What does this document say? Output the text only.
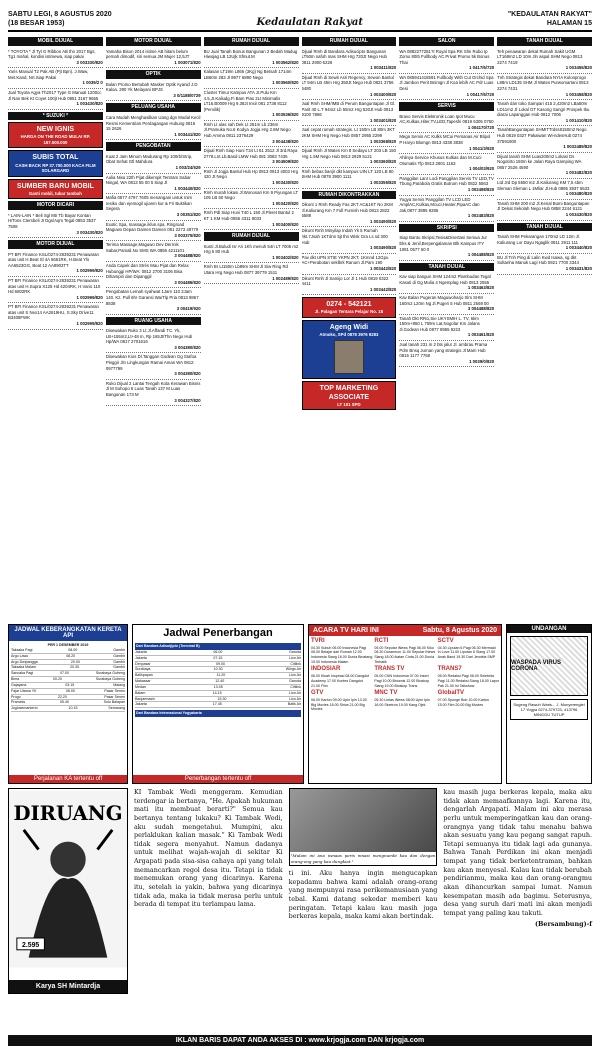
SABTU LEGI, 8 AGUSTUS 2020
(18 BESAR 1953)	Kedaulatan Rakyat
"KEDAULATAN RAKYAT"
HALAMAN 15
MOBIL DIJUAL
* TOYOTA * Jl Tyt G Ribbon AB thn 2017 Bgs, Tg1 mahal, kondisi istimewa, siap pakai
3 003330/820
Yaris Manual T2 Pak AB (Pjt Bpn). J.Waw, Met.Kand, Nrt.Siap Pakai
1 0039/2 0
Jual Toyota Agya Th2017 Type G Manual 1200cc Jl Nan Bek Kt Coyet 100jt Hub 0851 3167 9655
1 003430/820
* SUZUKI *
NEW IGNIS
HARGA ON THE ROAD MULAI RP. 167.500.000
SUBIS TOTAL
CASH BACK RP 37.700.000 KACA FILM SOLARGARD
SUMBER BARU MOBIL
Ganti mobil, tukar tambah
MOTOR DICARI
* LAIN-LAIN * Beli Sgl Mtr Tb Bayar Kontan H/Tons Ctersbeli JI Dgs/Aqm Tegal 0853 3537 7508
3 003430/820
MOTOR DIJUAL
PT BFI Finance KSL/0274-2839231 Penawaran atas unit H.Beat Sl 4A 5661RK, H.Beat Yls AA6523GG, Beat 12 AA8903TT
1 002999/820
PT BFI Finance KSL/0274-2839231 Penawaran atas unit H.Supra X125 Hd 4204RK, H.Vario 110 Hd 6802RK
1 002999/820
PT BFI Finance KSL/0274-2839231 Penawaran atas unit S Nex14 AA2619HU, S.Sky Drive11 B3408FWK
1 002999/820
MOTOR DIJUAL
Yamaha Bison 2014 istime AB hitam belum pernah dimodif, siri semua JM Mujer 12,5JT
1 003071/820
OPTIK
Bulan Promo Bertubah Masker Optik Ayanid J.D Kaloa. 290 Yk Melayani BPJS
3 0/1188/0729
PELUANG USAHA
Cara Mudah Menghasilkan Uang dgn Modal Kecil Resmi Kementrian Perdagangan Hubung 0816 15 2626
1 003441/820
PENGOBATAN
Kuat 2 Jam Minum Madurang Rp 100rb/Strip, Obat Sehat Gtl Mahdura
1 003/24/529
Aulia Nisa 22th Pijat dikempit Tentram Sabar Ningal, WA 0813 55 00 5 Siap Jl
1 003440/820
Mafia 0877 4797 7605 menangani untuk mim resiko dan ejemogil ujianm kur & Fri Buktikan Segera
3 00351/820
Exotic Spa, massage.iklun.spa. Ringroad Maguwo Depan Damen Damen 081 2273 48779
3 003375/820
Terima Massage,Maguwo Dev Derrnik Sabar,Pamali.No SMS WA 0856 4211101
3 004488/820
Anda Capek dan Strès Mau Pijat dan Relax Hubunggi HP/WA: 0812 2700 3106 Bisa Dihampiri dan Dipanggil
3 004486/820
Pengobatan Lemah syahwat 1Jam 110 2Jam 140. Kz. Pull 6hr Garansi Wa/Tlp Pria 0813 9867 8838
3 00419/920
RUANG USAHA
Disewakan Ruko 3 Lt Jl.Affandi TC. Yk, LB+155m2,Lt+48 m, Rp 165Jt/Thn Nego Hub Hp/WA 0817 2701616
3 004380/820
Disewakan Kios Dl.Tanggan Godean Gg Stafoa Pinggir Jln Lingkungan Ramai Aman WA 0812 0977799
3 004380/820
Ruko Dijual 2 Lantai Tengah Kota Kerawan Bisnis Jl M Suhopo 5 Luas Tanah 137 M Luas Bangunan 173 M
3 004327/820
RUMAH DIJUAL
BU Jual Tanah Bonus Bangunan 2 Bedah Madug Hiwojag LB 12Ujk Sfmut.M
1 003562/820
Kalasan LT19m L866 (3Kg) Ng Betsah 1714m LB60m 283 Jl 9977 6890 Nego
1 003560/820
Cluster Timur Kampus ATA JI.Pulu Km 4.5,JI.Kaliudg.Fi Bam Pias 2Lt Minimalis LT16.B0009 Hrg 9.38Jt Insir 081 2738 8112 (Pemilik)
1 003536/820
Rmh Lt ulas sah Dek Lt 251m Lb 236m Jl.Pramuka No.6 Kodya Jogja Hrg 2.6M Nego Hub Amma 0811 2376429
3 004438/820
Dijual Rmh Siap Huni T34 Lt 61 2512 Jl 3rd.Raya 2778.Lnt.Lb.Basd LMW Hub 081 3083 7435
3 004509/820
Rmh Jl Jogja Bantul Hub Hp 0813 0913 4003 Hrg 420 Jt Nego
1 003430/820
Rmh murah lokasi Jl.Wonosari Km 9 Piyungan LT 105 LB 60 Nego
1 003420/820
Rmh Pdl Siap Huni T40 L 150 Jl.Pleret Bantul 2 KT 1 KM Hub 0856 4311 9033
1 003400/820
RUMAH DIJUAL
Sunti Jl.Buludi Isr Ari 1Kh menuh 54n LT 7005 m2 Hrg 6 80 Hub
1 003402/820
Rmh Br Lt150m Lb89m SHM Jl Siw Ring Rd Utara Hrg Nego Hub 0877 39779 1511
1 002489/820
RUMAH DIJUAL
Dijual Rmh di Bandara Adisucipto Bangunan LT50m nafoh mas SHM Hrg 720Jt Nego Hub 0811 2900 6226
1 003411/820
Dijual Rmh di Sewit Asri Regency, Sewon Bantul LT 94m LB 45m Hrg 350Jt Nego Hub 0821 3756 6480
1 003400/820
Jual Rmh SHM/IMB di Perum Banguntapan Jl Gl. Parit 40 L.T 94m2 Lb 55m2 Hrg 520Jt Hub 0813 9100 7886
1 003401/820
Jual cepat rumah strategis. Lt 150m LB 80m 3KT 2KM SHM Hrg Nego Hub 0857 2955 2299
1 003368/820
Dijual Rmh Jl Wates Km 8 Sedayu LT 203 LB 150 Hrg 1.5M Nego Hub 0813 2929 5121
1 003360/820
Rmh bebas banjir dkt kampus UIN LT 120 LB 90 SHM Hub 0878 3900 1111
1 003355/820
RUMAH DIKONTRAKKAN
Dikont 1 Rmh Ready Fas 2KT AC&1KT No 2KM Jl.Kaliurang Km 7 Full Furnish Hub 0813 2822 5588
1 003490/820
Dikont Rmh Minyilap Indah Yk 5 Rumah hkt.7Jsah 1KTdnn 5jt thn Wisk Gra Ls sd 300 Hub
1 003490/820
Pav dkt UPN STIE YKPN 2KT, 1Kmnd 12Gpu AC+Perabotan seklbrk Ranum Jl.Pam 190
1 003442/820
Dikont Rmh Jl Samijo Lor Jl 1 Hub 0819 0322 4411
1 003442/820
0274 - 542121
Jl. Palagan Tentara Pelajar No. 18
Ageng Widi
Atmoko, SPd 0878 3976 9283
TOP MARKETING ASSOCIATE
LT 101 SPD
SALON
WA 0882277281?I Royal Spa RK Slm Rubo Ip Zomo 80Ib Fullbody AC Privat Promo 5k Bonus Thai
1 0417/6/720
WA 085941418591 Fullbody With Cut Orchid Spa Jl Jambon Perit Bnimgn Jl Koa lebih AC Pdr Luas Desi
1 00417/6/720
SERVIS
Bravo Servis Elektronik Loan Ipot Mucu AC,Kulkas,Hiter,TV,LED,Tapeshi 0819 6305 0750
1 004170/720
Mega Servis AC Kulks MCui Pemanas Air Blipol P Haryo Blomgn 0813 4338 3838
1 0041/3/920
Ahlinya Service Khusus Kulkas dan M.Cuci Otomatis Tlp 0813 2801 1163
1 004/03/920
Panggilan Lanr Lodi Panggilan Servis TV LED,TV Tbung,Parabola Gratis Butrum Hub 0822 5563
1 002498/820
Yogya Servis Panggilan TV LCD LED AmplAC,Kulkas,Mcuci,Heater,PipaAC dan Jak,0877 3895 9285
1 002483/820
SKRIPSI
Siap Bantu Skripsi,Tesis&Disertasi Semua Jur Eks & Jenil,Berpengalaman Blk Kampus ITY 1081 0577 60 0
1 004488/820
TANAH DIJUAL
Kav siap bangun SHM 124m2 Plambudan Tegal Kasuti di Gg Mulia 4 Ngemplag Hub 0813 2555
1 003463/820
Kav Balan Pugeran Maguwoharjo Slm SHM 160m2 L20m Ng Jl.Pugeri 5 Hub 0811 2569 00
3 004488/820
Tanah Dkt RRci,Sie UKYSMIH L. TV, 6km 150m+850 L 759m Lat.Nogolar Km Jalans Jl.Godean Hub 0877 8955 9223
1 003461/820
Jual tanah 231 m 2 bts jalur Jl. ambrau Prama Pdm Bnsq Jurnan yang strategis Jl Mam Hub 0815 1177 7768
1 0039/0/820
TANAH DIJUAL
Teh penawaran dekat Rumah Sakit UGM LT168m2 LD 10m Jln aspal SHM Nego 0813 2274 7419
1 003455/820
Tnh Strategis dekat Bandara NYIA Kulonprogo L88m LD135 SHM Jl Wates Purwomartani 0813 2274 7431
1 003458/820
Tanah dan toko Sampari 415 2,420m2 LBa50m LD11m2 Jl Lokal GT Kasong Sangri Prospek Ibu diarai Lapanggan Hub 0812 7006
1 001410/820
TanahBanguntapan SHMITTrdss8150m2 Nego Hub 0819 0327 Pakaiwan Wi-ndesHub 0274 37591800
1 0032489/820
Dijual tanah SHM Luas200m2 Lokasi Ds Nogotirto 150m ke Jalan Raya Gamping WA 0857 2526 4590
1 003482/820
Ltd Jrd Dp 5550 m2 Jl.Kaliurang KM 7,5 sbm Sleman Sleman L 1Mliar Jl.Hub 0895 3937 6533
1 003480/820
Tanah SHM 200 m2 Jl.Kenal Bumi Banguntapan Jl Dekat Sekolah Nego Hub 0858 2244 6121
1 003430/820
TANAH DIJUAL
Tanah SHM Pekarangan 170m2 LD 12m Jl. Kaliurang Lor Dayu Ngaglik 0811 2911 111
1 003440/820
BU Jl Tnh Ping di Lalin Kwd Isawa, sg dkt Sultanha Manuk Lagi Hub 0821 7700 3344
1 003431/820
JADWAL KEBERANGKATAN KERETA API
PER 1 DESEMBER 2019
Taksaka Pagi	08.00	Gambir
Argo Lawu	08.20	Gambir
Argo Dwipangga	20.00	Gambir
Taksaka Malam	20.30	Gambir
Sancaka Pagi	07.00	Surabaya Gubeng
Bima	00.20	Surabaya Gubeng
Gajayana	03.15	Malang
Fajar Utama YK	06.00	Pasar Senen
Progo	22.20	Pasar Senen
Prameks	05.40	Solo Balapan
Joglosemarkerto	10.15	Semarang
Perjalanan KA tertentu off
Jadwal Penerbangan
Dari Bandara Adisutjipto (Terminal B)
Jakarta	06.00	Garuda
Jakarta	07.15	Lion Air
Denpasar	09.00	Citilink
Surabaya	10.30	Wings Air
Balikpapan	11.20	Lion Air
Makassar	12.40	Garuda
Medan	13.05	Citilink
Batam	14.15	Lion Air
Banjarmasin	15.30	Lion Air
Jakarta	17.45	Batik Air
Dari Bandara Internasional Yogyakarta
Penerbangan tertentu off
ACARA TV HARI INI	Sabtu, 8 Agustus 2020
TVRI
04.30 Subuh 06.00 Indonesia Pagi 08.00 Belajar dari Rumah 12.00 Indonesia Siang 16.00 Dunia Binatang 19.00 Indonesia Malam
RCTI
05.00 Seputar iNews Pagi 06.00 Kiko 08.30 Doraemon 11.00 Seputar iNews Siang 18.00 Ikatan Cinta 21.00 Dunia Terbalik
SCTV
04.30 Liputan 6 Pagi 06.30 Mermaid In Love 11.00 Liputan 6 Siang 17.00 Anak Band 19.30 Dari Jendela SMP
INDOSIAR
06.00 Kisah Inspirasi 08.00 Dangdut Academy 17.00 Kontes Dangdut 21.00 Film
TRANS TV
05.00 CNN Indonesia 07.00 Insert Pagi 10.00 Brownis 12.00 Bioskop Siang 19.00 Bioskop Trans
TRANS7
05.00 Redaksi Pagi 08.00 Selebrita Pagi 11.00 Redaksi Siang 18.00 Lapor Pak 21.00 Ini Talkshow
GTV
06.00 Kartun 09.00 Upin Ipin 13.00 Big Movies 18.00 Shiva 21.00 Big Movies
MNC TV
05.30 Lintas iNews 08.00 Upin Ipin 16.00 Sinetron 19.00 Kang Ojek
GlobalTV
07.00 Sponge Bob 10.00 Kartun 15.00 Film 20.00 Big Movies
UNDANGAN
WASPADA VIRUS CORONA
Sugeng Rawuh Waris... J. Munyerenglei 17 Yogya 0274-379723, 413796 MINGGU TUTUP
DIRUANG
2.595
Karya SH Mintardja
KI Tambak Wedi menggeram. Kemudian terdengar ia bertanya, "He. Apakah hukuman mati itu membuat berarti?" Semua kau bertanya tentang lukaku? Ki Tambak Wedi, aku sudah mengetahui. Mumpini, aku perlaklukan kalian masak." Ki Tambak Wedi tidak segera menyahut. Namun dadanya untuk melihat wajah-wajah di sekitar Ki Argapati pada sisa-sisa cahaya api yang telah memancarkan regol desa itu. Tetapi ia tidak menemukan orang yang dicarinya. Karena itu, setelah ia yakin, bahwa yang dicarinya tidak ada, maka ia tidak merasa perlu untuk berada di tempat itu terlampau lama.
"Mulam ini ana iwnaas peris mnasi mengnumbi kau dan dengan orang-ong yang kau dungkiat."
ti ini. Aku hanya ingin mengucapkan kepadamu bahwa kami adalah orang-orang yang mempunyai rasa perikemanusiaan yang tebal. Kami datang sekedar memberi kau peringatan. Tetapi kalau kau masih juga berkeras kepala, maka kami akan bertindak.
kau masih juga berkeras kepala, maka aku tidak akan memaafkannya lagi. Karena itu, dengarlah Argapati. Malam ini aku merasa perlu untuk memperingatkan kau dan orang-orangnya yang tidak tahu menahu bahwa akan sesuatu yang kau pegang sangat rapuh. Tetapi semuanya itu tidak lagi ada gunanya. Bahwa Tanah Perdikan ini akan menjadi tempat yang tidak berketentraman, bahkan kau akan menyesal. Kalau kau tidak berubah pendirianmu, maka kau dan orang-orangmu akan dihancurkan sampai lumat. Namun kesempatan masih ada bagimu. Seterusnya, desa yang suruh dari mati ini akan menjadi tempat yang paling kau takuti.
(Bersambung)-f
IKLAN BARIS DAPAT ANDA AKSES DI : www.krjogja.com DAN krjogja.com
